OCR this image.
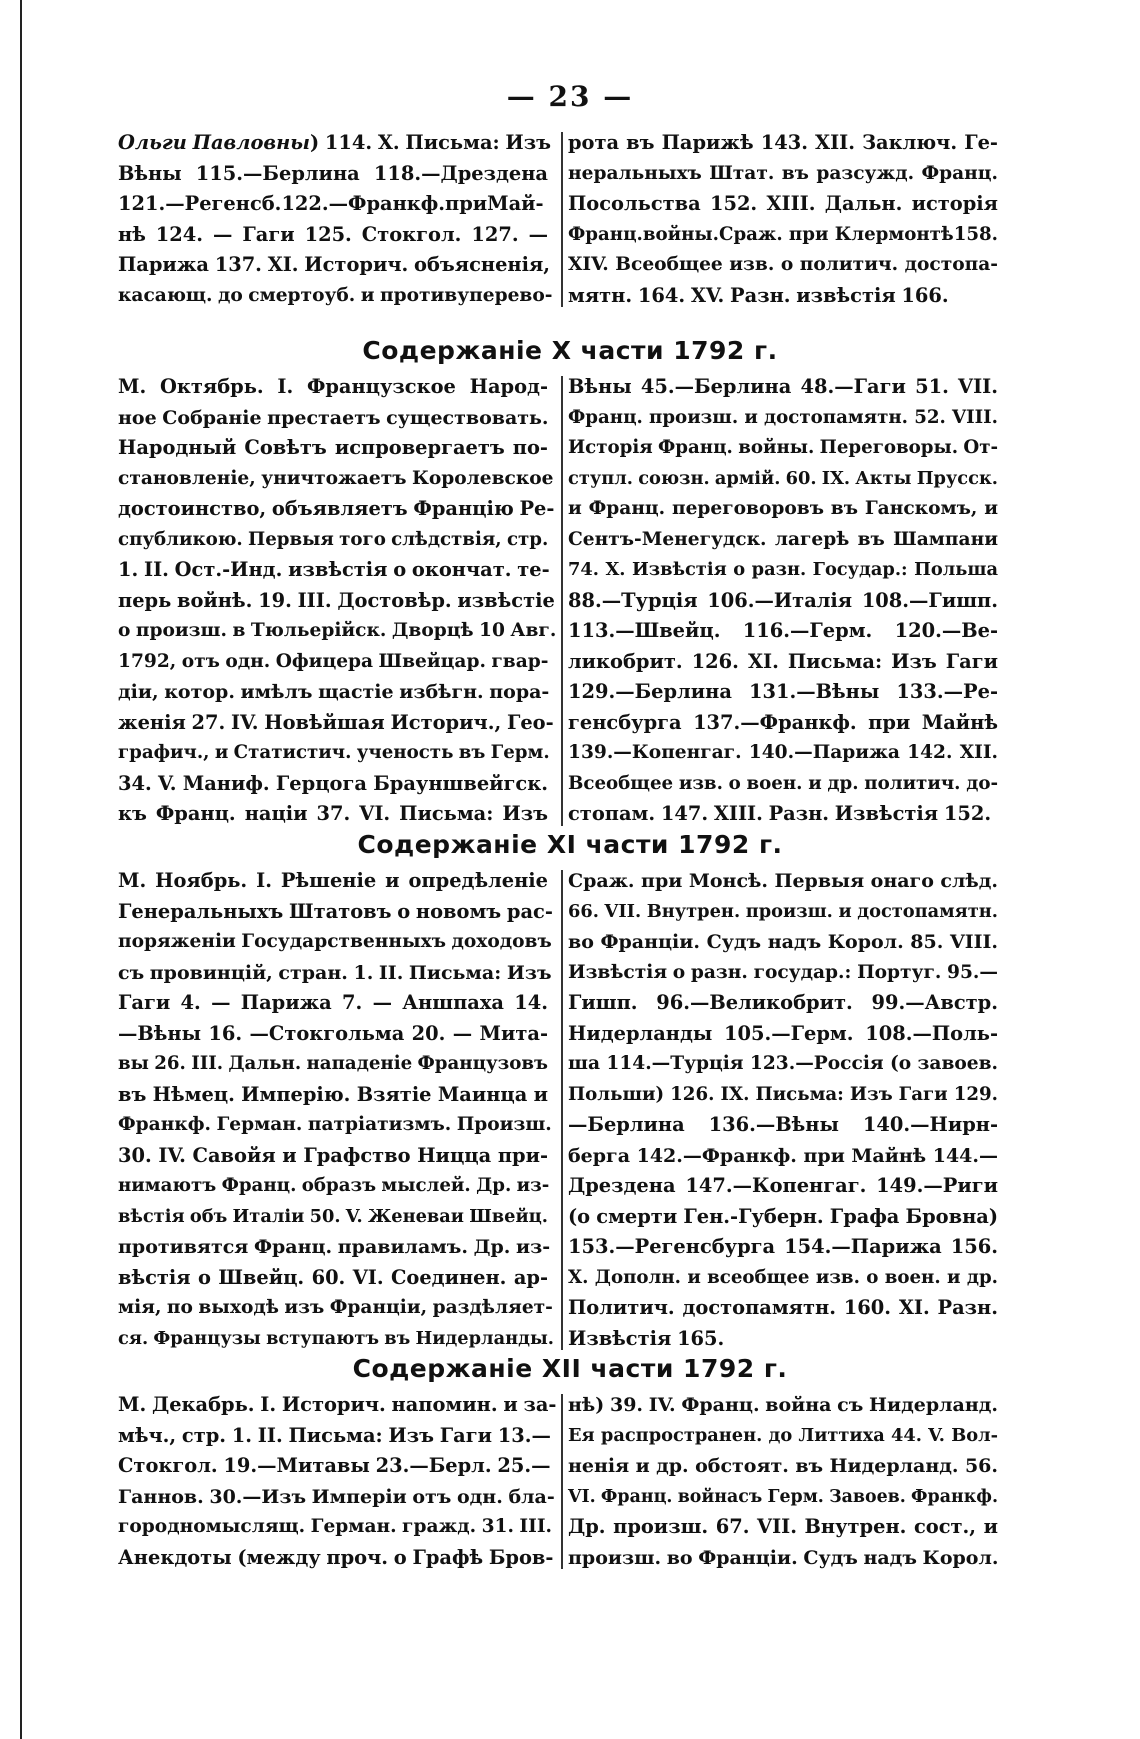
— 23 —
Ольги Павловны) 114. X. Письма: Изъ
Вѣны 115.—Берлина 118.—Дрездена
121.—Регенсб.122.—Франкф.приМай-
нѣ 124. — Гаги 125. Стокгол. 127. —
Парижа 137. XI. Историч. объясненія,
касающ. до смертоуб. и противуперево-
рота въ Парижѣ 143. XII. Заключ. Ге-
неральныхъ Штат. въ разсужд. Франц.
Посольства 152. XIII. Дальн. исторія
Франц.войны.Сраж. при Клермонтѣ158.
XIV. Всеобщее изв. о политич. достопа-
мятн. 164. XV. Разн. извѣстія 166.
Содержаніе X части 1792 г.
М. Октябрь. I. Французское Народ-
ное Собраніе престаетъ существовать.
Народный Совѣтъ испровергаетъ по-
становленіе, уничтожаетъ Королевское
достоинство, объявляетъ Францію Ре-
спубликою. Первыя того слѣдствія, стр.
1. II. Ост.-Инд. извѣстія о окончат. те-
перь войнѣ. 19. III. Достовѣр. извѣстіе
о произш. в Тюльерійск. Дворцѣ 10 Авг.
1792, отъ одн. Офицера Швейцар. гвар-
діи, котор. имѣлъ щастіе избѣгн. пора-
женія 27. IV. Новѣйшая Историч., Гео-
графич., и Статистич. ученость въ Герм.
34. V. Маниф. Герцога Брауншвейгск.
къ Франц. націи 37. VI. Письма: Изъ
Вѣны 45.—Берлина 48.—Гаги 51. VII.
Франц. произш. и достопамятн. 52. VIII.
Исторія Франц. войны. Переговоры. От-
ступл. союзн. армій. 60. IX. Акты Прусск.
и Франц. переговоровъ въ Ганскомъ, и
Сентъ-Менегудск. лагерѣ въ Шампани
74. X. Извѣстія о разн. Государ.: Польша
88.—Турція 106.—Италія 108.—Гишп.
113.—Швейц. 116.—Герм. 120.—Ве-
ликобрит. 126. XI. Письма: Изъ Гаги
129.—Берлина 131.—Вѣны 133.—Ре-
генсбурга 137.—Франкф. при Майнѣ
139.—Копенгаг. 140.—Парижа 142. XII.
Всеобщее изв. о воен. и др. политич. до-
стопам. 147. XIII. Разн. Извѣстія 152.
Содержаніе XI части 1792 г.
М. Ноябрь. I. Рѣшеніе и опредѣленіе
Генеральныхъ Штатовъ о новомъ рас-
поряженіи Государственныхъ доходовъ
съ провинцій, стран. 1. II. Письма: Изъ
Гаги 4. — Парижа 7. — Аншпаха 14.
—Вѣны 16. —Стокгольма 20. — Мита-
вы 26. III. Дальн. нападеніе Французовъ
въ Нѣмец. Имперію. Взятіе Маинца и
Франкф. Герман. патріатизмъ. Произш.
30. IV. Савойя и Графство Ницца при-
нимаютъ Франц. образъ мыслей. Др. из-
вѣстія объ Италіи 50. V. Женеваи Швейц.
противятся Франц. правиламъ. Др. из-
вѣстія о Швейц. 60. VI. Соединен. ар-
мія, по выходѣ изъ Франціи, раздѣляет-
ся. Французы вступаютъ въ Нидерланды.
Сраж. при Монсѣ. Первыя онаго слѣд.
66. VII. Внутрен. произш. и достопамятн.
во Франціи. Судъ надъ Корол. 85. VIII.
Извѣстія о разн. государ.: Португ. 95.—
Гишп. 96.—Великобрит. 99.—Австр.
Нидерланды 105.—Герм. 108.—Поль-
ша 114.—Турція 123.—Россія (о завоев.
Польши) 126. IX. Письма: Изъ Гаги 129.
—Берлина 136.—Вѣны 140.—Нирн-
берга 142.—Франкф. при Майнѣ 144.—
Дрездена 147.—Копенгаг. 149.—Риги
(о смерти Ген.-Губерн. Графа Бровна)
153.—Регенсбурга 154.—Парижа 156.
X. Дополн. и всеобщее изв. о воен. и др.
Политич. достопамятн. 160. XI. Разн.
Извѣстія 165.
Содержаніе XII части 1792 г.
М. Декабрь. I. Историч. напомин. и за-
мѣч., стр. 1. II. Письма: Изъ Гаги 13.—
Стокгол. 19.—Митавы 23.—Берл. 25.—
Ганнов. 30.—Изъ Имперіи отъ одн. бла-
городномыслящ. Герман. гражд. 31. III.
Анекдоты (между проч. о Графѣ Бров-
нѣ) 39. IV. Франц. война съ Нидерланд.
Ея распространен. до Литтиха 44. V. Вол-
ненія и др. обстоят. въ Нидерланд. 56.
VI. Франц. войнасъ Герм. Завоев. Франкф.
Др. произш. 67. VII. Внутрен. сост., и
произш. во Франціи. Судъ надъ Корол.
